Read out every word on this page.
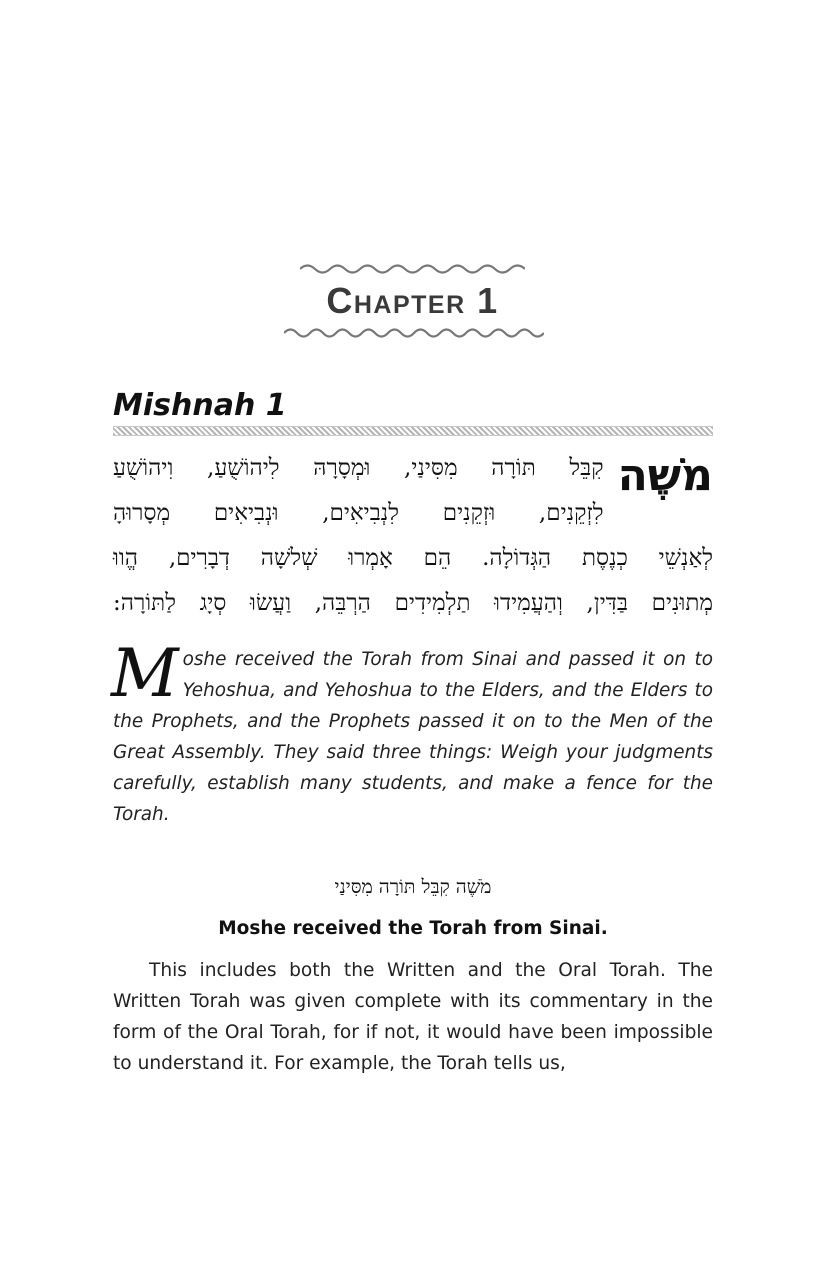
Chapter 1
Mishnah 1
מֹשֶׁה
קִבֵּל תּוֹרָה מִסִּינַי, וּמְסָרָהּ לִיהוֹשֻׁעַ, וִיהוֹשֻׁעַ
לִזְקֵנִים, וּזְקֵנִים לִנְבִיאִים, וּנְבִיאִים מְסָרוּהָ
לְאַנְשֵׁי כְנֶסֶת הַגְּדוֹלָה. הֵם אָמְרוּ שְׁלשָׁה דְבָרִים, הֱווּ
מְתוּנִים בַּדִּין, וְהַעֲמִידוּ תַלְמִידִים הַרְבֵּה, וַעֲשׂוּ סְיָג לַתּוֹרָה:
Moshe received the Torah from Sinai and passed it on to Yehoshua, and Yehoshua to the Elders, and the Elders to the Prophets, and the Prophets passed it on to the Men of the Great Assembly. They said three things: Weigh your judgments carefully, establish many students, and make a fence for the Torah.
מֹשֶׁה קִבֵּל תּוֹרָה מִסִּינַי
Moshe received the Torah from Sinai.
This includes both the Written and the Oral Torah. The Written Torah was given complete with its commentary in the form of the Oral Torah, for if not, it would have been impossible to understand it. For example, the Torah tells us,
